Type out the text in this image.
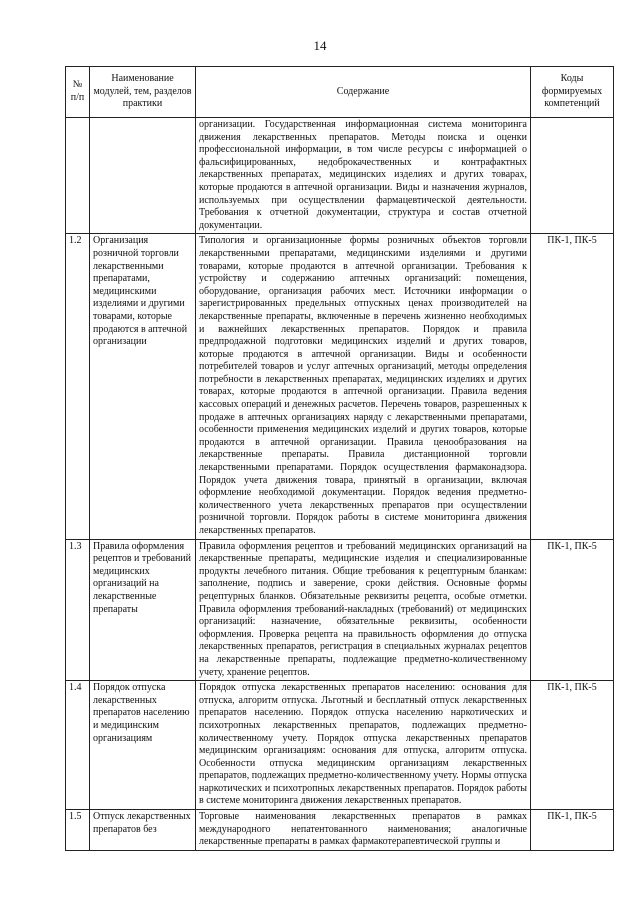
14
№ п/п	Наименование модулей, тем, разделов практики	Содержание	Коды формируемых компетенций
		организации. Государственная информационная система мониторинга движения лекарственных препаратов. Методы поиска и оценки профессиональной информации, в том числе ресурсы с информацией о фальсифицированных, недоброкачественных и контрафактных лекарственных препаратах, медицинских изделиях и других товарах, которые продаются в аптечной организации. Виды и назначения журналов, используемых при осуществлении фармацевтической деятельности. Требования к отчетной документации, структура и состав отчетной документации.	
1.2	Организация розничной торговли лекарственными препаратами, медицинскими изделиями и другими товарами, которые продаются в аптечной организации	Типология и организационные формы розничных объектов торговли лекарственными препаратами, медицинскими изделиями и другими товарами, которые продаются в аптечной организации. Требования к устройству и содержанию аптечных организаций: помещения, оборудование, организация рабочих мест. Источники информации о зарегистрированных предельных отпускных ценах производителей на лекарственные препараты, включенные в перечень жизненно необходимых и важнейших лекарственных препаратов. Порядок и правила предпродажной подготовки медицинских изделий и других товаров, которые продаются в аптечной организации. Виды и особенности потребителей товаров и услуг аптечных организаций, методы определения потребности в лекарственных препаратах, медицинских изделиях и других товарах, которые продаются в аптечной организации. Правила ведения кассовых операций и денежных расчетов. Перечень товаров, разрешенных к продаже в аптечных организациях наряду с лекарственными препаратами, особенности применения медицинских изделий и других товаров, которые продаются в аптечной организации. Правила ценообразования на лекарственные препараты. Правила дистанционной торговли лекарственными препаратами. Порядок осуществления фармаконадзора. Порядок учета движения товара, принятый в организации, включая оформление необходимой документации. Порядок ведения предметно-количественного учета лекарственных препаратов при осуществлении розничной торговли. Порядок работы в системе мониторинга движения лекарственных препаратов.	ПК-1, ПК-5
1.3	Правила оформления рецептов и требований медицинских организаций на лекарственные препараты	Правила оформления рецептов и требований медицинских организаций на лекарственные препараты, медицинские изделия и специализированные продукты лечебного питания. Общие требования к рецептурным бланкам: заполнение, подпись и заверение, сроки действия. Основные формы рецептурных бланков. Обязательные реквизиты рецепта, особые отметки. Правила оформления требований-накладных (требований) от медицинских организаций: назначение, обязательные реквизиты, особенности оформления. Проверка рецепта на правильность оформления до отпуска лекарственных препаратов, регистрация в специальных журналах рецептов на лекарственные препараты, подлежащие предметно-количественному учету, хранение рецептов.	ПК-1, ПК-5
1.4	Порядок отпуска лекарственных препаратов населению и медицинским организациям	Порядок отпуска лекарственных препаратов населению: основания для отпуска, алгоритм отпуска. Льготный и бесплатный отпуск лекарственных препаратов населению. Порядок отпуска населению наркотических и психотропных лекарственных препаратов, подлежащих предметно-количественному учету. Порядок отпуска лекарственных препаратов медицинским организациям: основания для отпуска, алгоритм отпуска. Особенности отпуска медицинским организациям лекарственных препаратов, подлежащих предметно-количественному учету. Нормы отпуска наркотических и психотропных лекарственных препаратов. Порядок работы в системе мониторинга движения лекарственных препаратов.	ПК-1, ПК-5
1.5	Отпуск лекарственных препаратов без	Торговые наименования лекарственных препаратов в рамках международного непатентованного наименования; аналогичные лекарственные препараты в рамках фармакотерапевтической группы и	ПК-1, ПК-5
